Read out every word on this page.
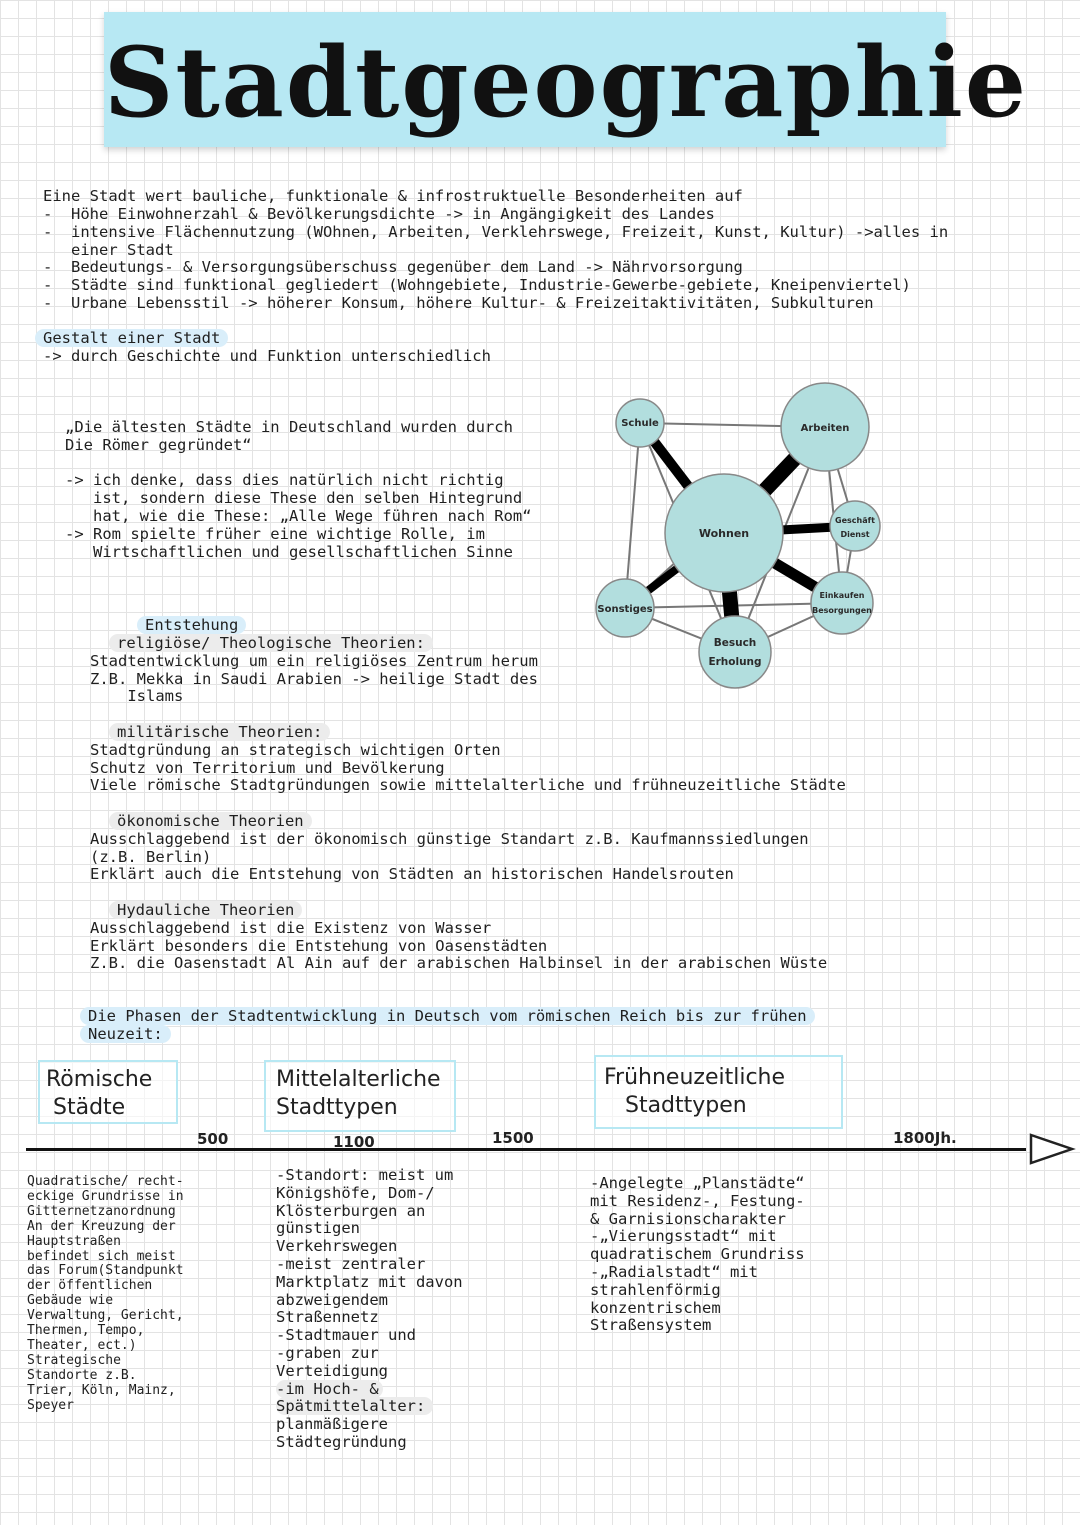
Stadtgeographie
Eine Stadt wert bauliche, funktionale & infrostruktuelle Besonderheiten auf
-  Höhe Einwohnerzahl & Bevölkerungsdichte -> in Angängigkeit des Landes
-  intensive Flächennutzung (WOhnen, Arbeiten, Verklehrswege, Freizeit, Kunst, Kultur) ->alles in
einer Stadt
-  Bedeutungs- & Versorgungsüberschuss gegenüber dem Land -> Nährvorsorgung
-  Städte sind funktional gegliedert (Wohngebiete, Industrie-Gewerbe-gebiete, Kneipenviertel)
-  Urbane Lebensstil -> höherer Konsum, höhere Kultur- & Freizeitaktivitäten, Subkulturen
Gestalt einer Stadt
-> durch Geschichte und Funktion unterschiedlich
„Die ältesten Städte in Deutschland wurden durch
Die Römer gegründet“
-> ich denke, dass dies natürlich nicht richtig
ist, sondern diese These den selben Hintegrund
hat, wie die These: „Alle Wege führen nach Rom“
-> Rom spielte früher eine wichtige Rolle, im
Wirtschaftlichen und gesellschaftlichen Sinne
Schule	Arbeiten
Wohnen
Geschäft
Dienst
Einkaufen
Besorgungen
Sonstiges
Besuch
Erholung
Entstehung
religiöse/ Theologische Theorien:
Stadtentwicklung um ein religiöses Zentrum herum
Z.B. Mekka in Saudi Arabien -> heilige Stadt des
Islams
militärische Theorien:
Stadtgründung an strategisch wichtigen Orten
Schutz von Territorium und Bevölkerung
Viele römische Stadtgründungen sowie mittelalterliche und frühneuzeitliche Städte
ökonomische Theorien
Ausschlaggebend ist der ökonomisch günstige Standart z.B. Kaufmannssiedlungen
(z.B. Berlin)
Erklärt auch die Entstehung von Städten an historischen Handelsrouten
Hydauliche Theorien
Ausschlaggebend ist die Existenz von Wasser
Erklärt besonders die Entstehung von Oasenstädten
Z.B. die Oasenstadt Al Ain auf der arabischen Halbinsel in der arabischen Wüste
Die Phasen der Stadtentwicklung in Deutsch vom römischen Reich bis zur frühen
Neuzeit:
Römische
Städte
Mittelalterliche
Stadttypen
Frühneuzeitliche
Stadttypen
500	1100	1500	1800Jh.
Quadratische/ recht-
eckige Grundrisse in
Gitternetzanordnung
An der Kreuzung der
Hauptstraßen
befindet sich meist
das Forum(Standpunkt
der öffentlichen
Gebäude wie
Verwaltung, Gericht,
Thermen, Tempo,
Theater, ect.)
Strategische
Standorte z.B.
Trier, Köln, Mainz,
Speyer
-Standort: meist um
Königshöfe, Dom-/
Klösterburgen an
günstigen
Verkehrswegen
-meist zentraler
Marktplatz mit davon
abzweigendem
Straßennetz
-Stadtmauer und
-graben zur
Verteidigung
-im Hoch- &
Spätmittelalter:
planmäßigere
Städtegründung
-Angelegte „Planstädte“
mit Residenz-, Festung-
& Garnisionscharakter
-„Vierungsstadt“ mit
quadratischem Grundriss
-„Radialstadt“ mit
strahlenförmig
konzentrischem
Straßensystem
